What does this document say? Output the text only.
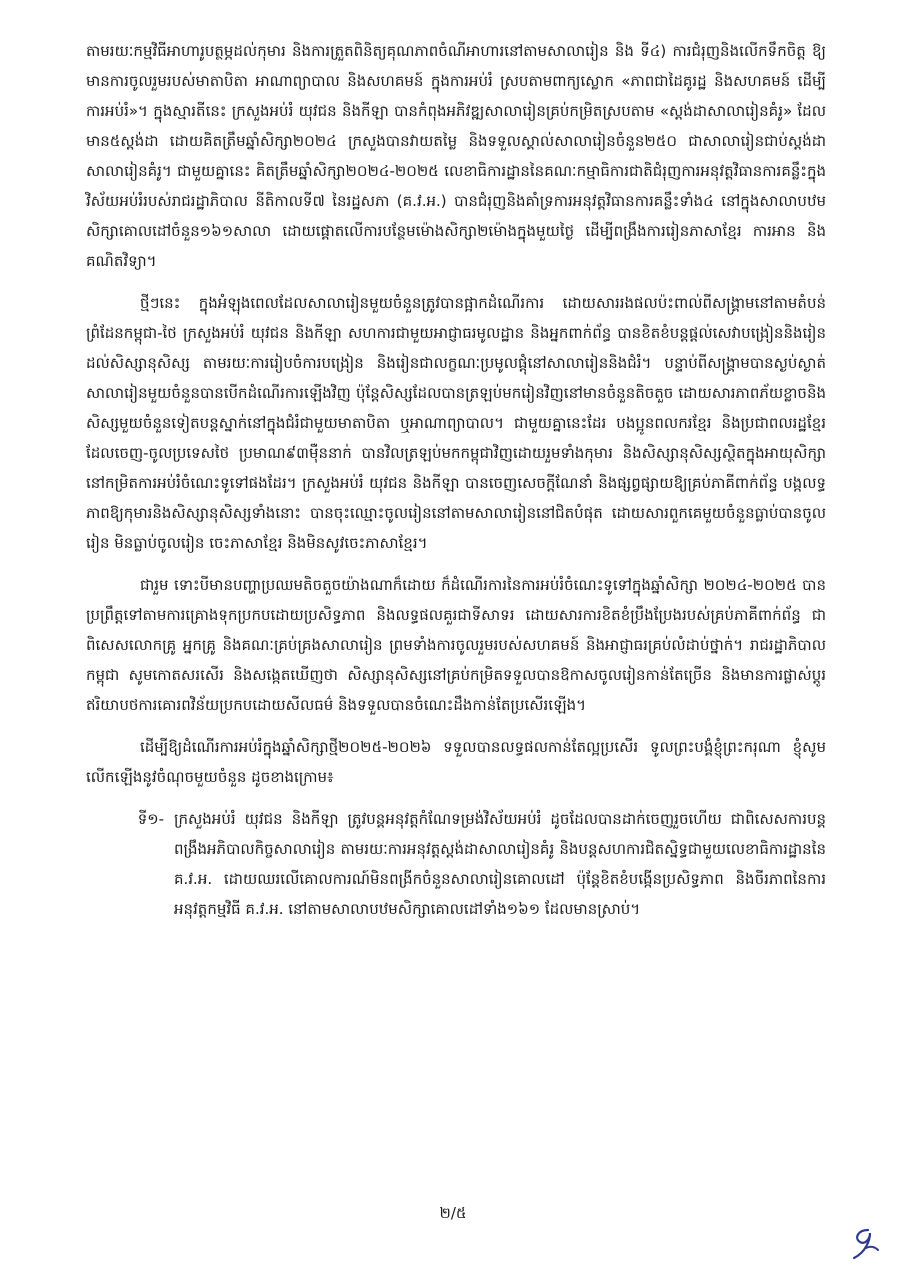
តាមរយៈកម្មវិធីអាហារូបត្ថម្ភដល់កុមារ និងការត្រួតពិនិត្យគុណភាពចំណីអាហារនៅតាមសាលារៀន និង ទី៤) ការជំរុញនិងលើកទឹកចិត្ត ឱ្យមានការចូលរួមរបស់មាតាបិតា អាណាព្យាបាល និងសហគមន៍ ក្នុងការអប់រំ ស្របតាមពាក្យស្លោក «ភាពជាដៃគូរដ្ឋ និងសហគមន៍ ដើម្បីការអប់រំ»។ ក្នុងស្មារតីនេះ ក្រសួងអប់រំ យុវជន និងកីឡា បានកំពុងអភិវឌ្ឍសាលារៀនគ្រប់កម្រិតស្របតាម «ស្តង់ដាសាលារៀនគំរូ» ដែលមាន៥ស្តង់ដា ដោយគិតត្រឹមឆ្នាំសិក្សា២០២៤ ក្រសួងបានវាយតម្លៃ និងទទួលស្គាល់សាលារៀនចំនួន២៥០ ជាសាលារៀនជាប់ស្តង់ដាសាលារៀនគំរូ។ ជាមួយគ្នានេះ គិតត្រឹមឆ្នាំសិក្សា២០២៤-២០២៥ លេខាធិការដ្ឋាននៃគណៈកម្មាធិការជាតិជំរុញការអនុវត្តវិធានការគន្លឹះក្នុងវិស័យអប់រំរបស់រាជរដ្ឋាភិបាល នីតិកាលទី៧ នៃរដ្ឋសភា (គ.វ.អ.) បានជំរុញនិងគាំទ្រការអនុវត្តវិធានការគន្លឹះទាំង៤ នៅក្នុងសាលាបឋមសិក្សាគោលដៅចំនួន១៦១សាលា ដោយផ្តោតលើការបន្ថែមម៉ោងសិក្សា២ម៉ោងក្នុងមួយថ្ងៃ ដើម្បីពង្រឹងការរៀនភាសាខ្មែរ ការអាន និងគណិតវិទ្យា។

ថ្មីៗនេះ ក្នុងអំឡុងពេលដែលសាលារៀនមួយចំនួនត្រូវបានផ្អាកដំណើរការ ដោយសាររងផលប៉ះពាល់ពីសង្គ្រាមនៅតាមតំបន់ព្រំដែនកម្ពុជា-ថៃ ក្រសួងអប់រំ យុវជន និងកីឡា សហការជាមួយអាជ្ញាធរមូលដ្ឋាន និងអ្នកពាក់ព័ន្ធ បានខិតខំបន្តផ្តល់សេវាបង្រៀននិងរៀនដល់សិស្សានុសិស្ស តាមរយៈការរៀបចំការបង្រៀន និងរៀនជាលក្ខណៈប្រមូលផ្តុំនៅសាលារៀននិងជំរំ។ បន្ទាប់ពីសង្គ្រាមបានស្ងប់ស្ងាត់ សាលារៀនមួយចំនួនបានបើកដំណើរការឡើងវិញ ប៉ុន្តែសិស្សដែលបានត្រឡប់មករៀនវិញនៅមានចំនួនតិចតួច ដោយសារភាពភ័យខ្លាចនិងសិស្សមួយចំនួនទៀតបន្តស្នាក់នៅក្នុងជំរំជាមួយមាតាបិតា ឬអាណាព្យាបាល។ ជាមួយគ្នានេះដែរ បងប្អូនពលករខ្មែរ និងប្រជាពលរដ្ឋខ្មែរ ដែលចេញ-ចូលប្រទេសថៃ ប្រមាណ៩៣ម៉ឺននាក់ បានវិលត្រឡប់មកកម្ពុជាវិញដោយរួមទាំងកុមារ និងសិស្សានុសិស្សស្ថិតក្នុងអាយុសិក្សានៅកម្រិតការអប់រំចំណេះទូទៅផងដែរ។ ក្រសួងអប់រំ យុវជន និងកីឡា បានចេញសេចក្តីណែនាំ និងផ្សព្វផ្សាយឱ្យគ្រប់ភាគីពាក់ព័ន្ធ បង្កលទ្ធភាពឱ្យកុមារនិងសិស្សានុសិស្សទាំងនោះ បានចុះឈ្មោះចូលរៀននៅតាមសាលារៀននៅជិតបំផុត ដោយសារពួកគេមួយចំនួនធ្លាប់បានចូលរៀន មិនធ្លាប់ចូលរៀន ចេះភាសាខ្មែរ និងមិនសូវចេះភាសាខ្មែរ។

ជារួម ទោះបីមានបញ្ហាប្រឈមតិចតួចយ៉ាងណាក៏ដោយ ក៏ដំណើរការនៃការអប់រំចំណេះទូទៅក្នុងឆ្នាំសិក្សា ២០២៤-២០២៥ បានប្រព្រឹត្តទៅតាមការគ្រោងទុកប្រកបដោយប្រសិទ្ធភាព និងលទ្ធផលគួរជាទីសាទរ ដោយសារការខិតខំប្រឹងប្រែងរបស់គ្រប់ភាគីពាក់ព័ន្ធ ជាពិសេសលោកគ្រូ អ្នកគ្រូ និងគណៈគ្រប់គ្រងសាលារៀន ព្រមទាំងការចូលរួមរបស់សហគមន៍ និងអាជ្ញាធរគ្រប់លំដាប់ថ្នាក់។ រាជរដ្ឋាភិបាលកម្ពុជា សូមកោតសរសើរ និងសង្កេតឃើញថា សិស្សានុសិស្សនៅគ្រប់កម្រិតទទួលបានឱកាសចូលរៀនកាន់តែច្រើន និងមានការផ្លាស់ប្តូរឥរិយាបថការគោរពវិន័យប្រកបដោយសីលធម៌ និងទទួលបានចំណេះដឹងកាន់តែប្រសើរឡើង។

ដើម្បីឱ្យដំណើរការអប់រំក្នុងឆ្នាំសិក្សាថ្មី២០២៥-២០២៦ ទទួលបានលទ្ធផលកាន់តែល្អប្រសើរ ទូលព្រះបង្គំខ្ញុំព្រះករុណា ខ្ញុំសូមលើកឡើងនូវចំណុចមួយចំនួន ដូចខាងក្រោម៖

ទី១- ក្រសួងអប់រំ យុវជន និងកីឡា ត្រូវបន្តអនុវត្តកំណែទម្រង់វិស័យអប់រំ ដូចដែលបានដាក់ចេញរួចហើយ ជាពិសេសការបន្តពង្រឹងអភិបាលកិច្ចសាលារៀន តាមរយៈការអនុវត្តស្តង់ដាសាលារៀនគំរូ និងបន្តសហការជិតស្និទ្ធជាមួយលេខាធិការដ្ឋាននៃ គ.វ.អ. ដោយឈរលើគោលការណ៍មិនពង្រីកចំនួនសាលារៀនគោលដៅ ប៉ុន្តែខិតខំបង្កើនប្រសិទ្ធភាព និងចីរភាពនៃការអនុវត្តកម្មវិធី គ.វ.អ. នៅតាមសាលាបឋមសិក្សាគោលដៅទាំង១៦១ ដែលមានស្រាប់។
២/៥
